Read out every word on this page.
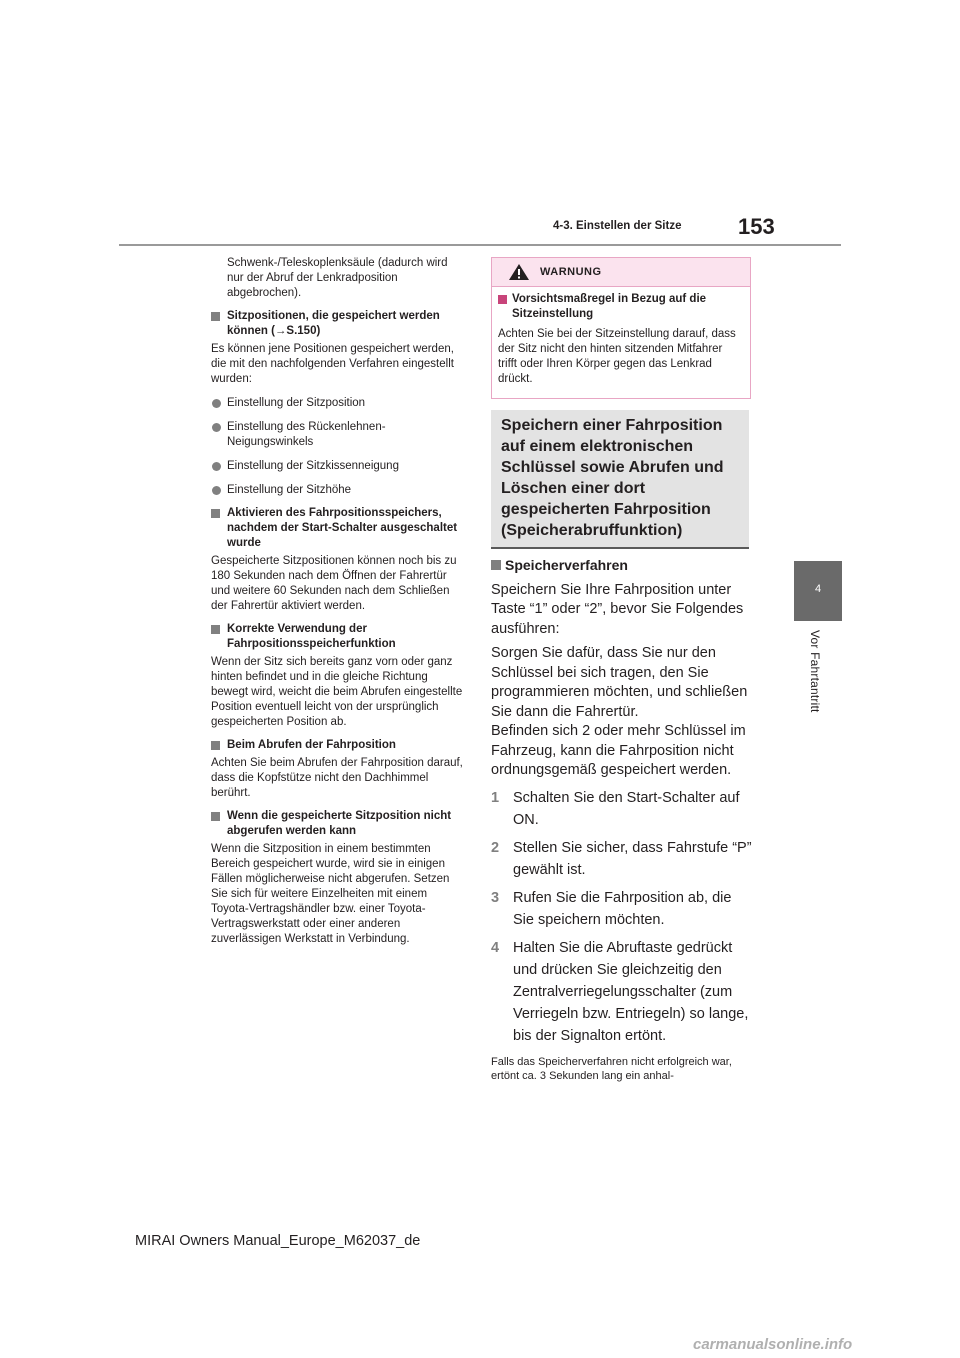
4-3. Einstellen der Sitze	153
4
Vor Fahrtantritt

Schwenk-/Teleskoplenksäule (dadurch wird nur der Abruf der Lenkradposition abgebrochen).

Sitzpositionen, die gespeichert werden können (→S.150)

Es können jene Positionen gespeichert werden, die mit den nachfolgenden Verfahren eingestellt wurden:

Einstellung der Sitzposition

Einstellung des Rückenlehnen-Neigungswinkels

Einstellung der Sitzkissenneigung

Einstellung der Sitzhöhe

Aktivieren des Fahrpositionsspeichers, nachdem der Start-Schalter ausgeschaltet wurde

Gespeicherte Sitzpositionen können noch bis zu 180 Sekunden nach dem Öffnen der Fahrertür und weitere 60 Sekunden nach dem Schließen der Fahrertür aktiviert werden.

Korrekte Verwendung der Fahrpositionsspeicherfunktion

Wenn der Sitz sich bereits ganz vorn oder ganz hinten befindet und in die gleiche Richtung bewegt wird, weicht die beim Abrufen eingestellte Position eventuell leicht von der ursprünglich gespeicherten Position ab.

Beim Abrufen der Fahrposition

Achten Sie beim Abrufen der Fahrposition darauf, dass die Kopfstütze nicht den Dachhimmel berührt.

Wenn die gespeicherte Sitzposition nicht abgerufen werden kann

Wenn die Sitzposition in einem bestimmten Bereich gespeichert wurde, wird sie in einigen Fällen möglicherweise nicht abgerufen. Setzen Sie sich für weitere Einzelheiten mit einem Toyota-Vertragshändler bzw. einer Toyota-Vertragswerkstatt oder einer anderen zuverlässigen Werkstatt in Verbindung.

WARNUNG

Vorsichtsmaßregel in Bezug auf die Sitzeinstellung

Achten Sie bei der Sitzeinstellung darauf, dass der Sitz nicht den hinten sitzenden Mitfahrer trifft oder Ihren Körper gegen das Lenkrad drückt.

Speichern einer Fahrposition auf einem elektronischen Schlüssel sowie Abrufen und Löschen einer dort gespeicherten Fahrposition (Speicherabruffunktion)

Speicherverfahren

Speichern Sie Ihre Fahrposition unter Taste “1” oder “2”, bevor Sie Folgendes ausführen:

Sorgen Sie dafür, dass Sie nur den Schlüssel bei sich tragen, den Sie programmieren möchten, und schließen Sie dann die Fahrertür.

Befinden sich 2 oder mehr Schlüssel im Fahrzeug, kann die Fahrposition nicht ordnungsgemäß gespeichert werden.

1 Schalten Sie den Start-Schalter auf ON.

2 Stellen Sie sicher, dass Fahrstufe “P” gewählt ist.

3 Rufen Sie die Fahrposition ab, die Sie speichern möchten.

4 Halten Sie die Abruftaste gedrückt und drücken Sie gleichzeitig den Zentralverriegelungsschalter (zum Verriegeln bzw. Entriegeln) so lange, bis der Signalton ertönt.

Falls das Speicherverfahren nicht erfolgreich war, ertönt ca. 3 Sekunden lang ein anhal-

MIRAI Owners Manual_Europe_M62037_de
carmanualsonline.info
